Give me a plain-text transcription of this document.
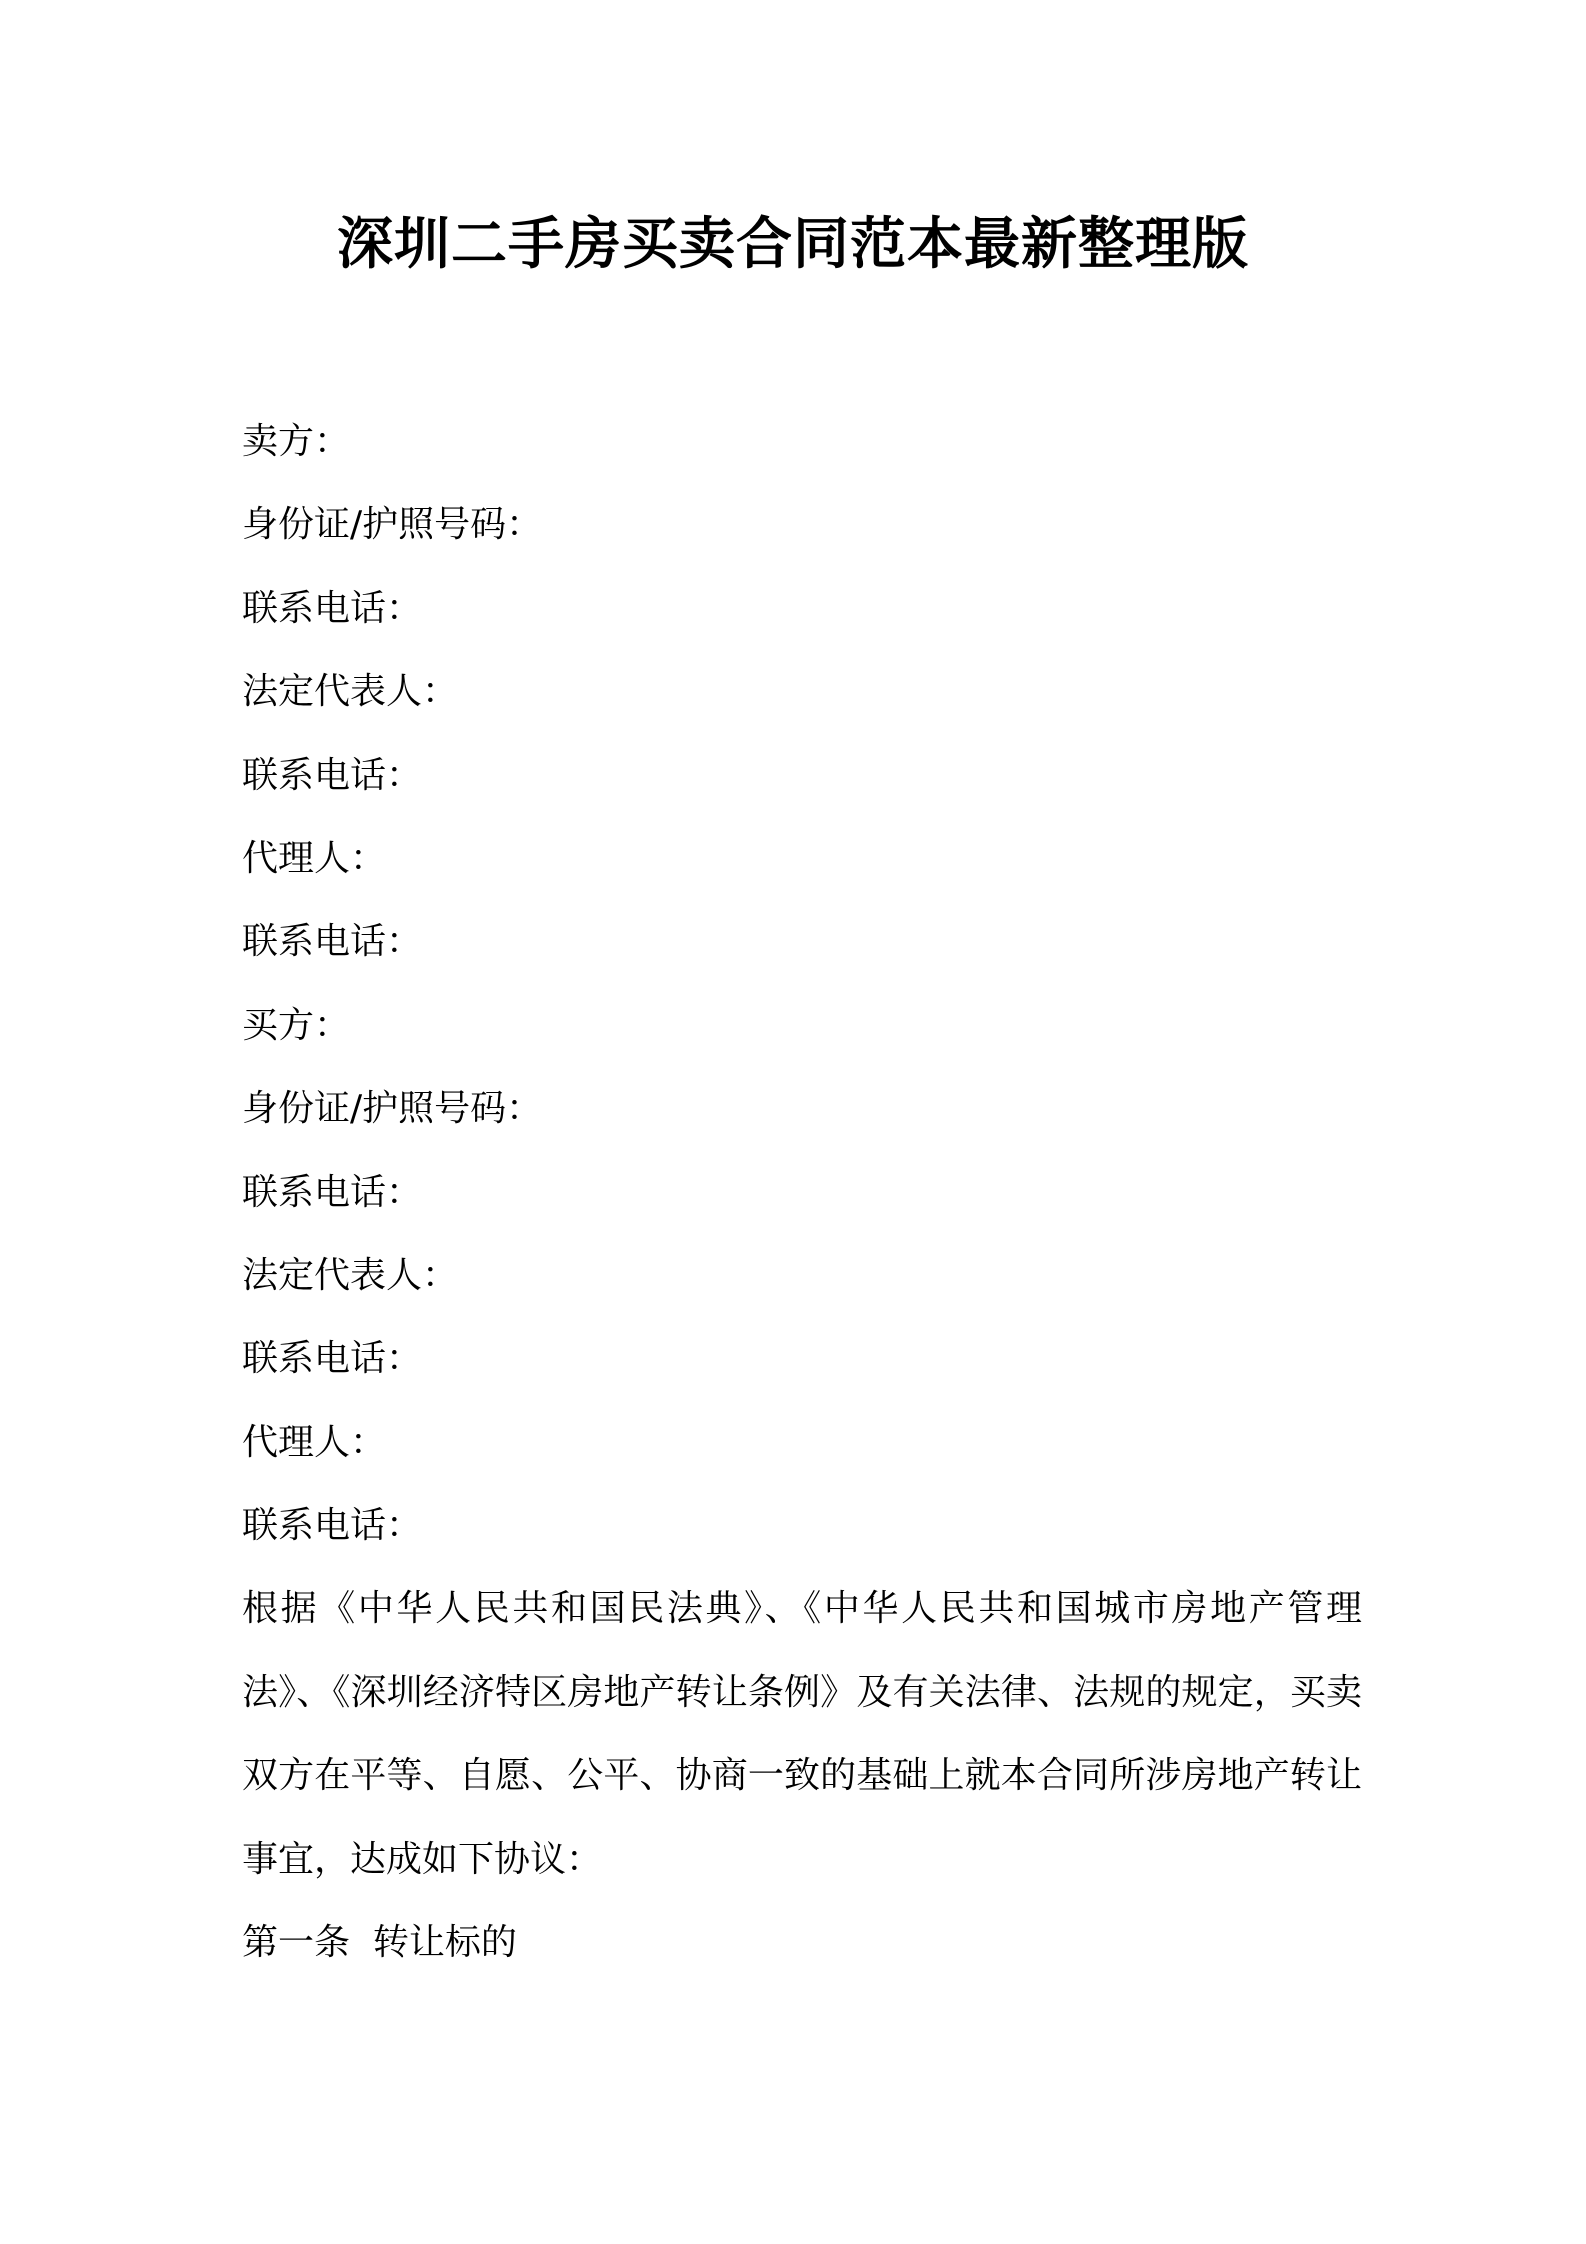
深圳二手房买卖合同范本最新整理版
卖方：
身份证/护照号码：
联系电话：
法定代表人：
联系电话：
代理人：
联系电话：
买方：
身份证/护照号码：
联系电话：
法定代表人：
联系电话：
代理人：
联系电话：
根据《中华人民共和国民法典》、《中华人民共和国城市房地产管理法》、《深圳经济特区房地产转让条例》及有关法律、法规的规定，买卖双方在平等、自愿、公平、协商一致的基础上就本合同所涉房地产转让事宜，达成如下协议：
第一条  转让标的
